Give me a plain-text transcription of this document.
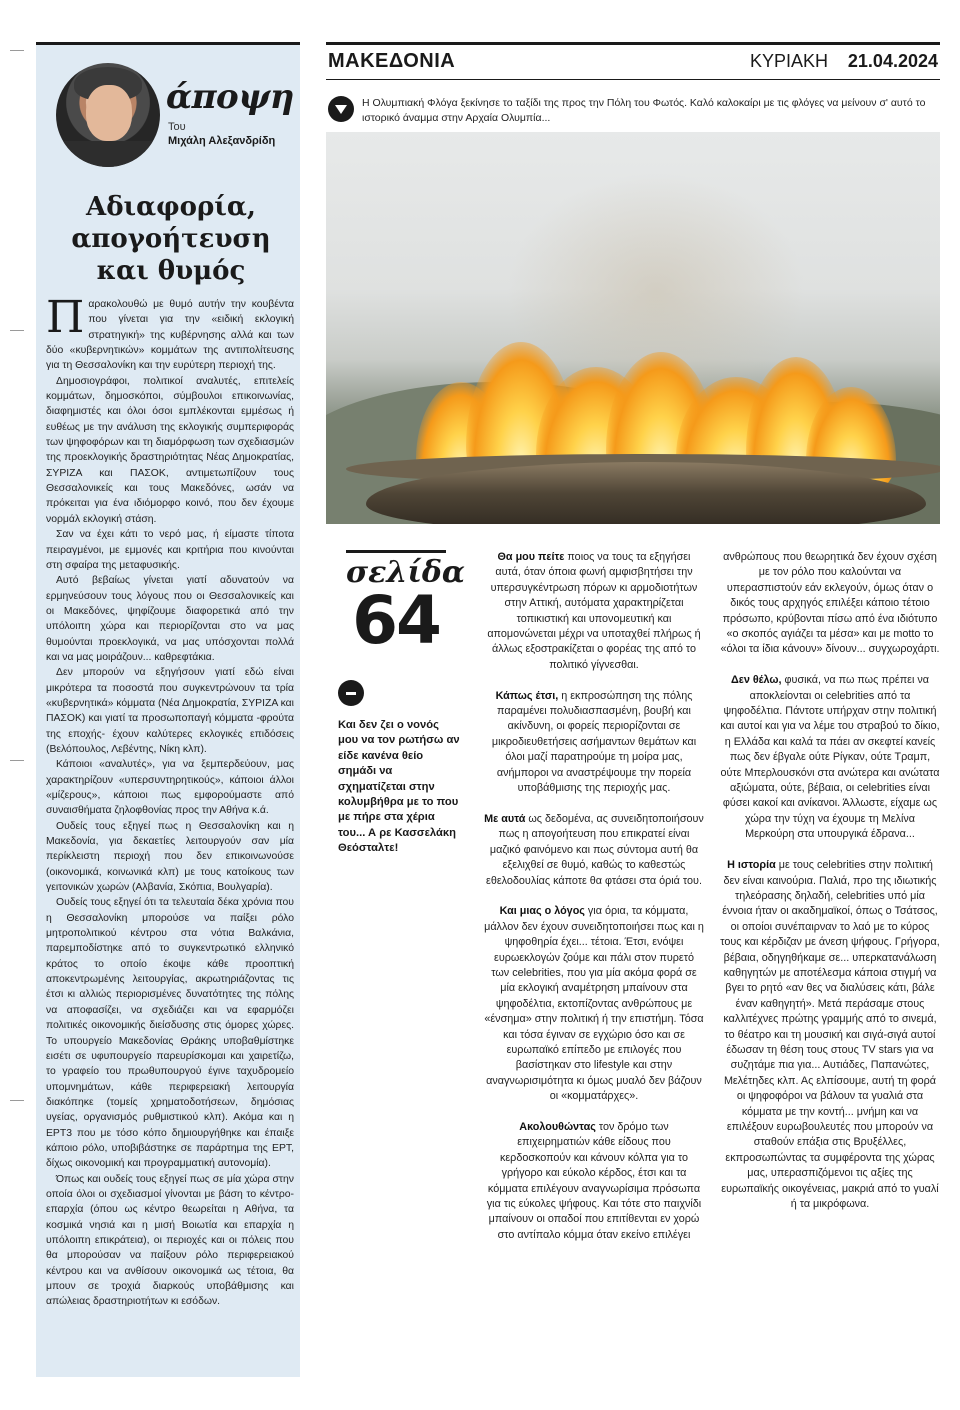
άποψη
Του
Μιχάλη Αλεξανδρίδη
Αδιαφορία, απογοήτευση και θυμός

Παρακολουθώ με θυμό αυτήν την κουβέντα που γίνεται για την «ειδική εκλογική στρατηγική» της κυβέρνησης αλλά και των δύο «κυβερνητικών» κομμάτων της αντιπολίτευσης για τη Θεσσαλονίκη και την ευρύτερη περιοχή της.

Δημοσιογράφοι, πολιτικοί αναλυτές, επιτελείς κομμάτων, δημοσκόποι, σύμβουλοι επικοινωνίας, διαφημιστές και όλοι όσοι εμπλέκονται εμμέσως ή ευθέως με την ανάλυση της εκλογικής συμπεριφοράς των ψηφοφόρων και τη διαμόρφωση των σχεδιασμών της προεκλογικής δραστηριότητας Νέας Δημοκρατίας, ΣΥΡΙΖΑ και ΠΑΣΟΚ, αντιμετωπίζουν τους Θεσσαλονικείς και τους Μακεδόνες, ωσάν να πρόκειται για ένα ιδιόμορφο κοινό, που δεν έχουμε νορμάλ εκλογική στάση.

Σαν να έχει κάτι το νερό μας, ή είμαστε τίποτα πειραγμένοι, με εμμονές και κριτήρια που κινούνται στη σφαίρα της μεταφυσικής.

Αυτό βεβαίως γίνεται γιατί αδυνατούν να ερμηνεύσουν τους λόγους που οι Θεσσαλονικείς και οι Μακεδόνες, ψηφίζουμε διαφορετικά από την υπόλοιπη χώρα και περιορίζονται στο να μας θυμούνται προεκλογικά, να μας υπόσχονται πολλά και να μας μοιράζουν... καθρεφτάκια.

Δεν μπορούν να εξηγήσουν γιατί εδώ είναι μικρότερα τα ποσοστά που συγκεντρώνουν τα τρία «κυβερνητικά» κόμματα (Νέα Δημοκρατία, ΣΥΡΙΖΑ και ΠΑΣΟΚ) και γιατί τα προσωποπαγή κόμματα -φρούτα της εποχής- έχουν καλύτερες εκλογικές επιδόσεις (Βελόπουλος, Λεβέντης, Νίκη κλπ).

Κάποιοι «αναλυτές», για να ξεμπερδεύουν, μας χαρακτηρίζουν «υπερσυντηρητικούς», κάποιοι άλλοι «μίζερους», κάποιοι πως εμφορούμαστε από συναισθήματα ζηλοφθονίας προς την Αθήνα κ.ά.

Ουδείς τους εξηγεί πως η Θεσσαλονίκη και η Μακεδονία, για δεκαετίες λειτουργούν σαν μία περίκλειστη περιοχή που δεν επικοινωνούσε (οικονομικά, κοινωνικά κλπ) με τους κατοίκους των γειτονικών χωρών (Αλβανία, Σκόπια, Βουλγαρία).

Ουδείς τους εξηγεί ότι τα τελευταία δέκα χρόνια που η Θεσσαλονίκη μπορούσε να παίξει ρόλο μητροπολιτικού κέντρου στα νότια Βαλκάνια, παρεμποδίστηκε από το συγκεντρωτικό ελληνικό κράτος το οποίο έκοψε κάθε προοπτική αποκεντρωμένης λειτουργίας, ακρωτηριάζοντας τις έτσι κι αλλιώς περιορισμένες δυνατότητες της πόλης να αποφασίζει, να σχεδιάζει και να εφαρμόζει πολιτικές οικονομικής διείσδυσης στις όμορες χώρες. Το υπουργείο Μακεδονίας Θράκης υποβαθμίστηκε εισέτι σε υφυπουργείο παρευρίσκομαι και χαιρετίζω, το γραφείο του πρωθυπουργού έγινε ταχυδρομείο υπομνημάτων, κάθε περιφερειακή λειτουργία διακόπηκε (τομείς χρηματοδοτήσεων, δημόσιας υγείας, οργανισμός ρυθμιστικού κλπ). Ακόμα και η ΕΡΤ3 που με τόσο κόπο δημιουργήθηκε και έπαιξε κάποιο ρόλο, υποβιβάστηκε σε παράρτημα της ΕΡΤ, δίχως οικονομική και προγραμματική αυτονομία).

Όπως και ουδείς τους εξηγεί πως σε μία χώρα στην οποία όλοι οι σχεδιασμοί γίνονται με βάση το κέντρο-επαρχία (όπου ως κέντρο θεωρείται η Αθήνα, τα κοσμικά νησιά και η μισή Βοιωτία και επαρχία η υπόλοιπη επικράτεια), οι περιοχές και οι πόλεις που θα μπορούσαν να παίξουν ρόλο περιφερειακού κέντρου και να ανθίσουν οικονομικά ως τέτοια, θα μπουν σε τροχιά διαρκούς υποβάθμισης και απώλειας δραστηριοτήτων κι εσόδων.

ΜΑΚΕΔΟΝΙΑ	ΚΥΡΙΑΚΗ 21.04.2024
Η Ολυμπιακή Φλόγα ξεκίνησε το ταξίδι της προς την Πόλη του Φωτός. Καλό καλοκαίρι με τις φλόγες να μείνουν σ' αυτό το ιστορικό άναμμα στην Αρχαία Ολυμπία...
σελίδα
64
Και δεν ζει ο νονός μου να τον ρωτήσω αν είδε κανένα θείο σημάδι να σχηματίζεται στην κολυμβήθρα με το που με πήρε στα χέρια του... Α ρε Κασσελάκη Θεόσταλτε!

Θα μου πείτε ποιος να τους τα εξηγήσει αυτά, όταν όποια φωνή αμφισβητήσει την υπερσυγκέντρωση πόρων κι αρμοδιοτήτων στην Αττική, αυτόματα χαρακτηρίζεται τοπικιστική και υπονομευτική και απομονώνεται μέχρι να υποταχθεί πλήρως ή άλλως εξοστρακίζεται ο φορέας της από το πολιτικό γίγνεσθαι.

Κάπως έτσι, η εκπροσώπηση της πόλης παραμένει πολυδιασπασμένη, βουβή και ακίνδυνη, οι φορείς περιορίζονται σε μικροδιευθετήσεις ασήμαντων θεμάτων και όλοι μαζί παρατηρούμε τη μοίρα μας, ανήμποροι να αναστρέψουμε την πορεία υποβάθμισης της περιοχής μας.

Με αυτά ως δεδομένα, ας συνειδητοποιήσουν πως η απογοήτευση που επικρατεί είναι μαζικό φαινόμενο και πως σύντομα αυτή θα εξελιχθεί σε θυμό, καθώς το καθεστώς εθελοδουλίας κάποτε θα φτάσει στα όριά του.

Και μιας ο λόγος για όρια, τα κόμματα, μάλλον δεν έχουν συνειδητοποιήσει πως και η ψηφοθηρία έχει... τέτοια. Έτσι, ενόψει ευρωεκλογών ζούμε και πάλι στον πυρετό των celebrities, που για μία ακόμα φορά σε μία εκλογική αναμέτρηση μπαίνουν στα ψηφοδέλτια, εκτοπίζοντας ανθρώπους με «ένσημα» στην πολιτική ή την επιστήμη. Τόσα και τόσα έγιναν σε εγχώριο όσο και σε ευρωπαϊκό επίπεδο με επιλογές που βασίστηκαν στο lifestyle και στην αναγνωρισιμότητα κι όμως μυαλό δεν βάζουν οι «κομματάρχες».

Ακολουθώντας τον δρόμο των επιχειρηματιών κάθε είδους που κερδοσκοπούν και κάνουν κόλπα για το γρήγορο και εύκολο κέρδος, έτσι και τα κόμματα επιλέγουν αναγνωρίσιμα πρόσωπα για τις εύκολες ψήφους. Και τότε στο παιχνίδι μπαίνουν οι οπαδοί που επιτίθενται εν χορώ στο αντίπαλο κόμμα όταν εκείνο επιλέγει

ανθρώπους που θεωρητικά δεν έχουν σχέση με τον ρόλο που καλούνται να υπερασπιστούν εάν εκλεγούν, όμως όταν ο δικός τους αρχηγός επιλέξει κάποιο τέτοιο πρόσωπο, κρύβονται πίσω από ένα ιδιότυπο «ο σκοπός αγιάζει τα μέσα» και με motto το «όλοι τα ίδια κάνουν» δίνουν... συγχωροχάρτι.

Δεν θέλω, φυσικά, να πω πως πρέπει να αποκλείονται οι celebrities από τα ψηφοδέλτια. Πάντοτε υπήρχαν στην πολιτική και αυτοί και για να λέμε του στραβού το δίκιο, η Ελλάδα και καλά τα πάει αν σκεφτεί κανείς πως δεν έβγαλε ούτε Ρίγκαν, ούτε Τραμπ, ούτε Μπερλουσκόνι στα ανώτερα και ανώτατα αξιώματα, ούτε, βέβαια, οι celebrities είναι φύσει κακοί και ανίκανοι. Άλλωστε, είχαμε ως χώρα την τύχη να έχουμε τη Μελίνα Μερκούρη στα υπουργικά έδρανα...

Η ιστορία με τους celebrities στην πολιτική δεν είναι καινούρια. Παλιά, προ της ιδιωτικής τηλεόρασης δηλαδή, celebrities υπό μία έννοια ήταν οι ακαδημαϊκοί, όπως ο Τσάτσος, οι οποίοι συνέπαιρναν το λαό με το κύρος τους και κέρδιζαν με άνεση ψήφους. Γρήγορα, βέβαια, οδηγηθήκαμε σε... υπερκατανάλωση καθηγητών με αποτέλεσμα κάποια στιγμή να βγει το ρητό «αν θες να διαλύσεις κάτι, βάλε έναν καθηγητή». Μετά περάσαμε στους καλλιτέχνες πρώτης γραμμής από το σινεμά, το θέατρο και τη μουσική και σιγά-σιγά αυτοί έδωσαν τη θέση τους στους TV stars για να συζητάμε πια για... Αυτιάδες, Παπανώτες, Μελέτηδες κλπ. Ας ελπίσουμε, αυτή τη φορά οι ψηφοφόροι να βάλουν τα γυαλιά στα κόμματα με την κοντή... μνήμη και να επιλέξουν ευρωβουλευτές που μπορούν να σταθούν επάξια στις Βρυξέλλες, εκπροσωπώντας τα συμφέροντα της χώρας μας, υπερασπιζόμενοι τις αξίες της ευρωπαϊκής οικογένειας, μακριά από το γυαλί ή τα μικρόφωνα.
